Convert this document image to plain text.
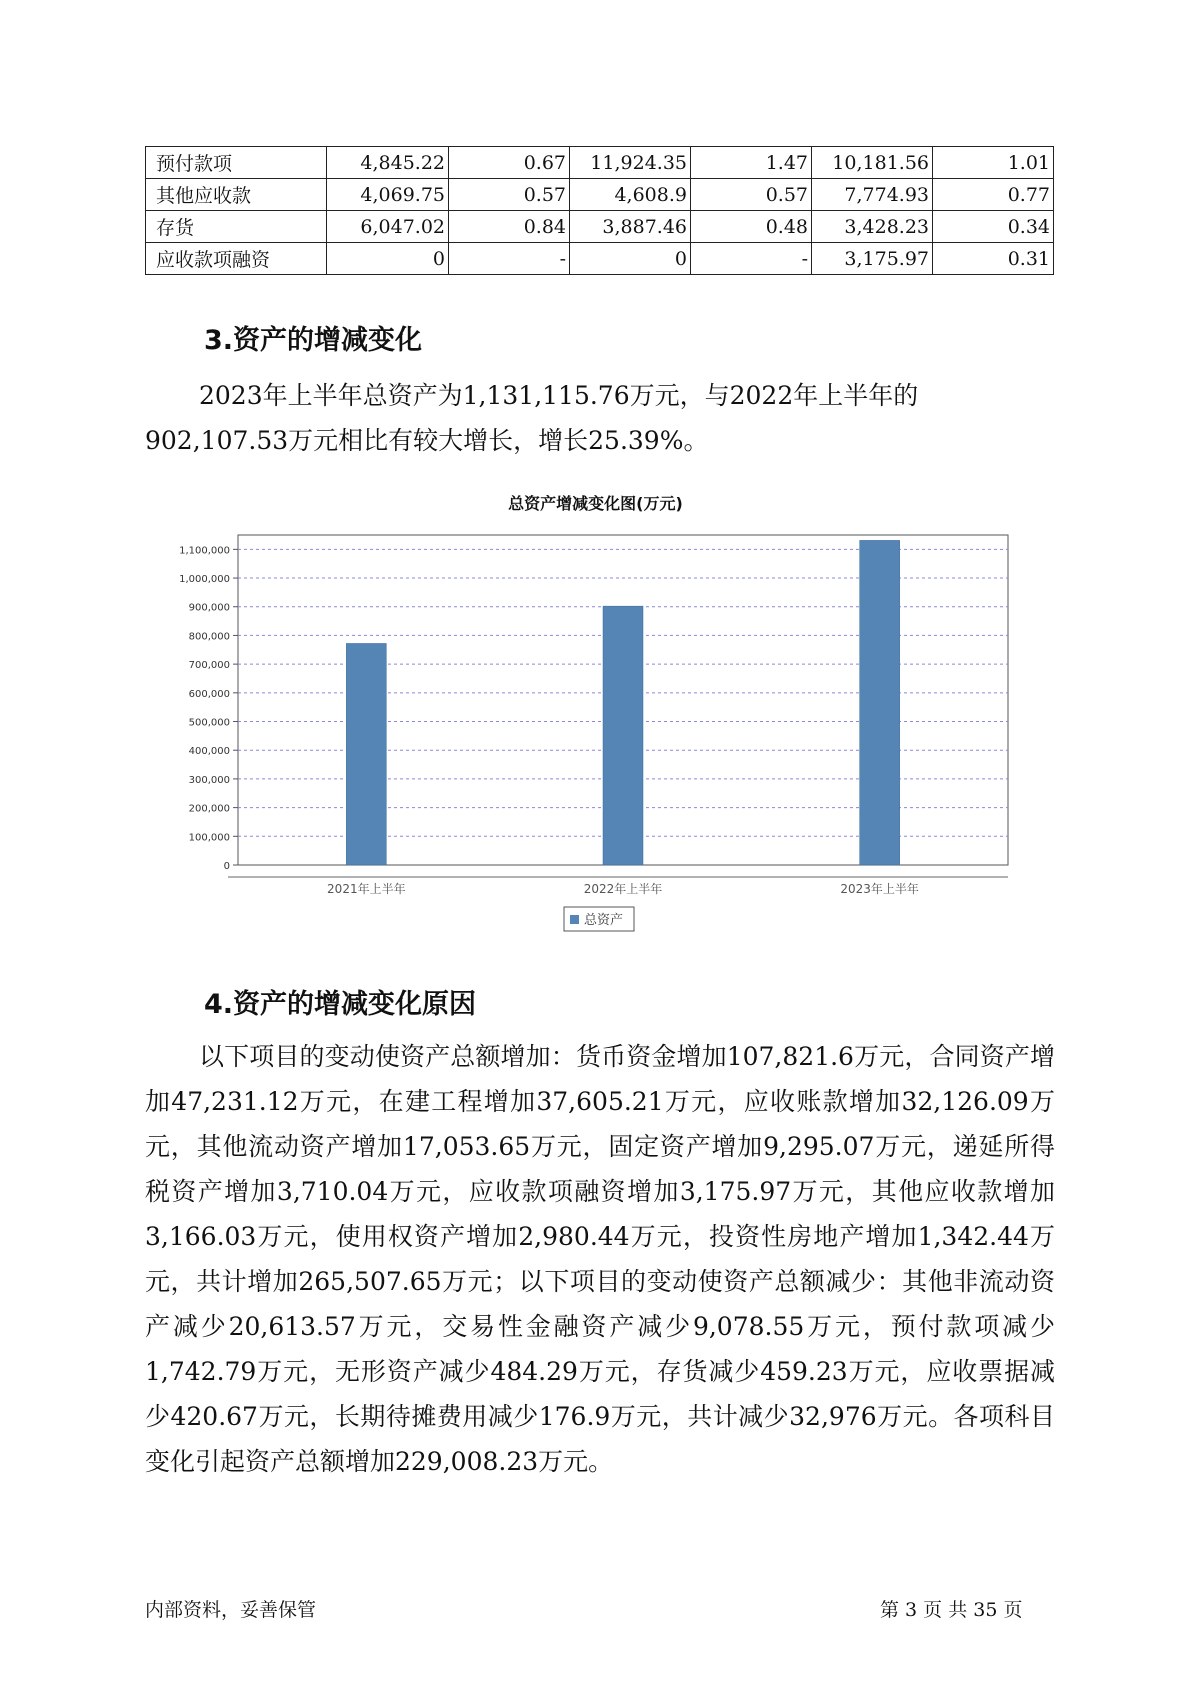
预付款项	4,845.22	0.67	11,924.35	1.47	10,181.56	1.01
其他应收款	4,069.75	0.57	4,608.9	0.57	7,774.93	0.77
存货	6,047.02	0.84	3,887.46	0.48	3,428.23	0.34
应收款项融资	0	-	0	-	3,175.97	0.31
3.资产的增减变化

2023年上半年总资产为1,131,115.76万元，与2022年上半年的902,107.53万元相比有较大增长，增长25.39%。

总资产增减变化图(万元)
0
100,000
200,000
300,000
400,000
500,000
600,000
700,000
800,000
900,000
1,000,000
1,100,000
2021年上半年	2022年上半年	2023年上半年
总资产
4.资产的增减变化原因

以下项目的变动使资产总额增加：货币资金增加107,821.6万元，合同资产增加47,231.12万元，在建工程增加37,605.21万元，应收账款增加32,126.09万元，其他流动资产增加17,053.65万元，固定资产增加9,295.07万元，递延所得税资产增加3,710.04万元，应收款项融资增加3,175.97万元，其他应收款增加3,166.03万元，使用权资产增加2,980.44万元，投资性房地产增加1,342.44万元，共计增加265,507.65万元；以下项目的变动使资产总额减少：其他非流动资产减少20,613.57万元，交易性金融资产减少9,078.55万元，预付款项减少1,742.79万元，无形资产减少484.29万元，存货减少459.23万元，应收票据减少420.67万元，长期待摊费用减少176.9万元，共计减少32,976万元。各项科目变化引起资产总额增加229,008.23万元。

内部资料，妥善保管	第 3 页 共 35 页
